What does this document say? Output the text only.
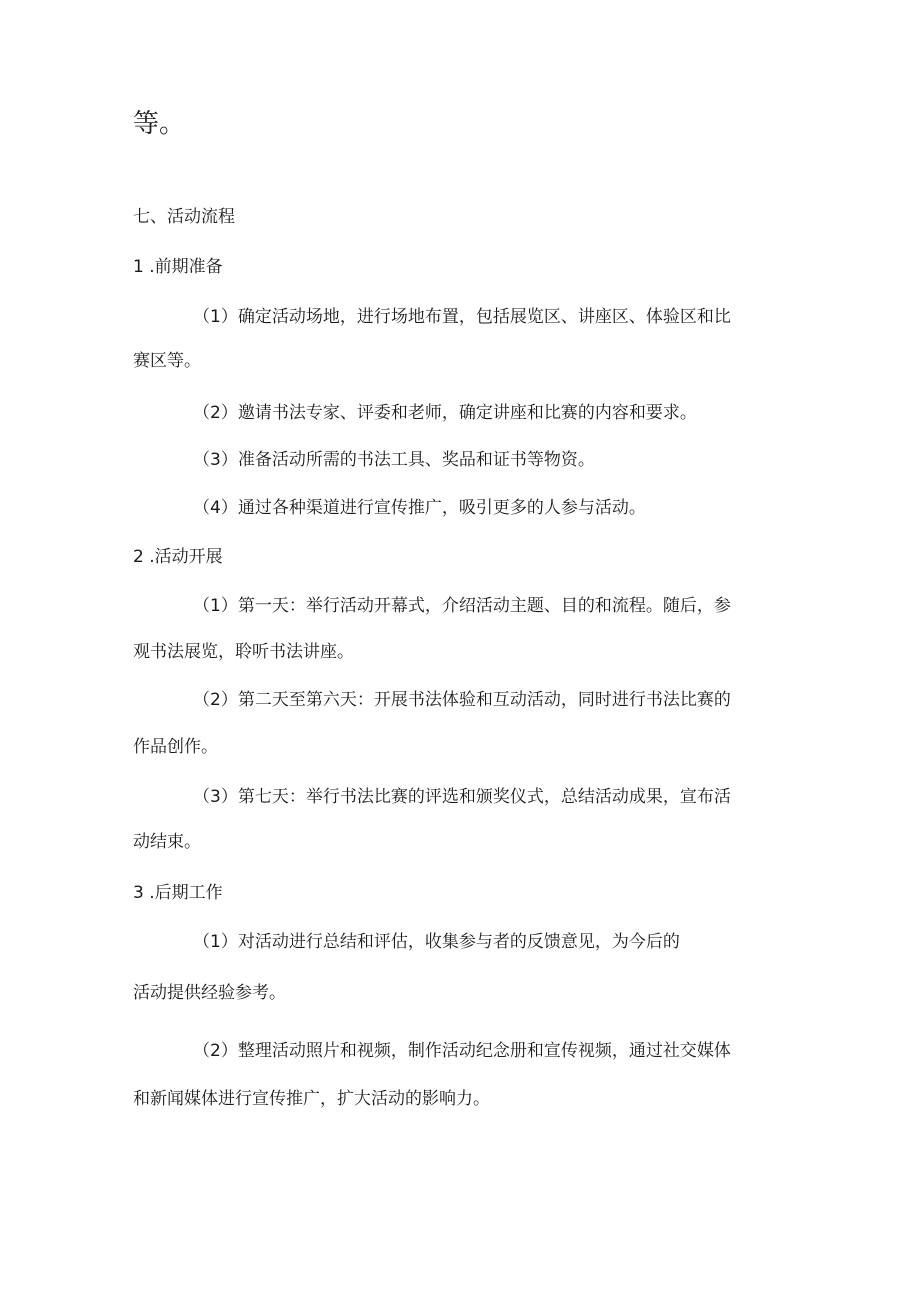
等。
七、活动流程
1 .前期准备
（1）确定活动场地，进行场地布置，包括展览区、讲座区、体验区和比
赛区等。
（2）邀请书法专家、评委和老师，确定讲座和比赛的内容和要求。
（3）准备活动所需的书法工具、奖品和证书等物资。
（4）通过各种渠道进行宣传推广，吸引更多的人参与活动。
2 .活动开展
（1）第一天：举行活动开幕式，介绍活动主题、目的和流程。随后，参
观书法展览，聆听书法讲座。
（2）第二天至第六天：开展书法体验和互动活动，同时进行书法比赛的
作品创作。
（3）第七天：举行书法比赛的评选和颁奖仪式，总结活动成果，宣布活
动结束。
3 .后期工作
（1）对活动进行总结和评估，收集参与者的反馈意见，为今后的
活动提供经验参考。
（2）整理活动照片和视频，制作活动纪念册和宣传视频，通过社交媒体
和新闻媒体进行宣传推广，扩大活动的影响力。
